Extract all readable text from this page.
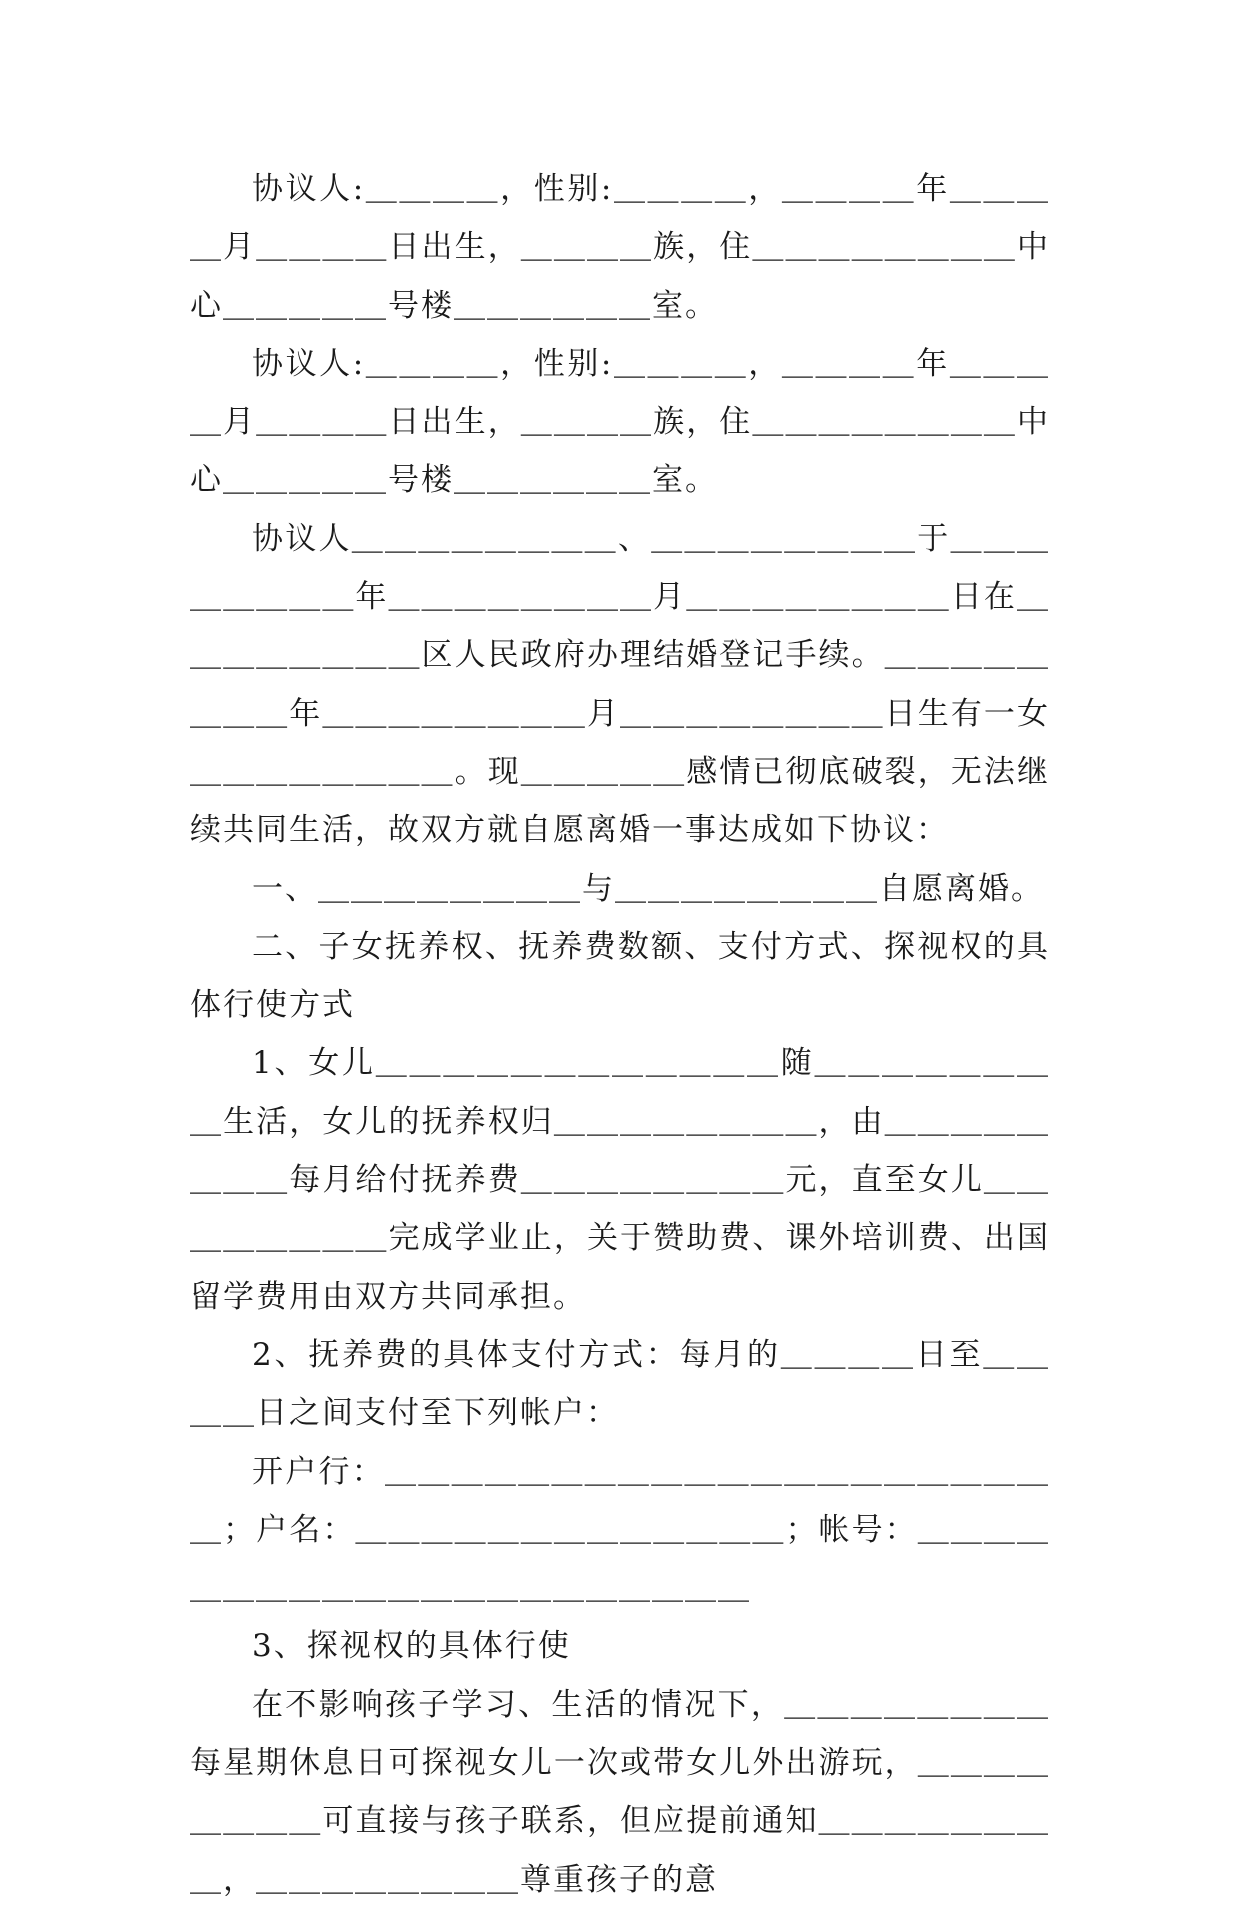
协议人:＿＿＿＿，性别:＿＿＿＿，＿＿＿＿年＿＿＿＿月＿＿＿＿日出生，＿＿＿＿族，住＿＿＿＿＿＿＿＿中心＿＿＿＿＿号楼＿＿＿＿＿＿室。

协议人:＿＿＿＿，性别:＿＿＿＿，＿＿＿＿年＿＿＿＿月＿＿＿＿日出生，＿＿＿＿族，住＿＿＿＿＿＿＿＿中心＿＿＿＿＿号楼＿＿＿＿＿＿室。

协议人＿＿＿＿＿＿＿＿、＿＿＿＿＿＿＿＿于＿＿＿＿＿＿＿＿年＿＿＿＿＿＿＿＿月＿＿＿＿＿＿＿＿日在＿＿＿＿＿＿＿＿区人民政府办理结婚登记手续。＿＿＿＿＿＿＿＿年＿＿＿＿＿＿＿＿月＿＿＿＿＿＿＿＿日生有一女＿＿＿＿＿＿＿＿。现＿＿＿＿＿感情已彻底破裂，无法继续共同生活，故双方就自愿离婚一事达成如下协议：

一、＿＿＿＿＿＿＿＿与＿＿＿＿＿＿＿＿自愿离婚。

二、子女抚养权、抚养费数额、支付方式、探视权的具体行使方式

1、女儿＿＿＿＿＿＿＿＿＿＿＿＿随＿＿＿＿＿＿＿＿生活，女儿的抚养权归＿＿＿＿＿＿＿＿，由＿＿＿＿＿＿＿＿每月给付抚养费＿＿＿＿＿＿＿＿元，直至女儿＿＿＿＿＿＿＿＿完成学业止，关于赞助费、课外培训费、出国留学费用由双方共同承担。

2、抚养费的具体支付方式：每月的＿＿＿＿日至＿＿＿＿日之间支付至下列帐户：

开户行：＿＿＿＿＿＿＿＿＿＿＿＿＿＿＿＿＿＿＿＿＿；户名：＿＿＿＿＿＿＿＿＿＿＿＿＿；帐号：＿＿＿＿＿＿＿＿＿＿＿＿＿＿＿＿＿＿＿＿＿

3、探视权的具体行使

在不影响孩子学习、生活的情况下，＿＿＿＿＿＿＿＿每星期休息日可探视女儿一次或带女儿外出游玩，＿＿＿＿＿＿＿＿可直接与孩子联系，但应提前通知＿＿＿＿＿＿＿＿，＿＿＿＿＿＿＿＿尊重孩子的意
